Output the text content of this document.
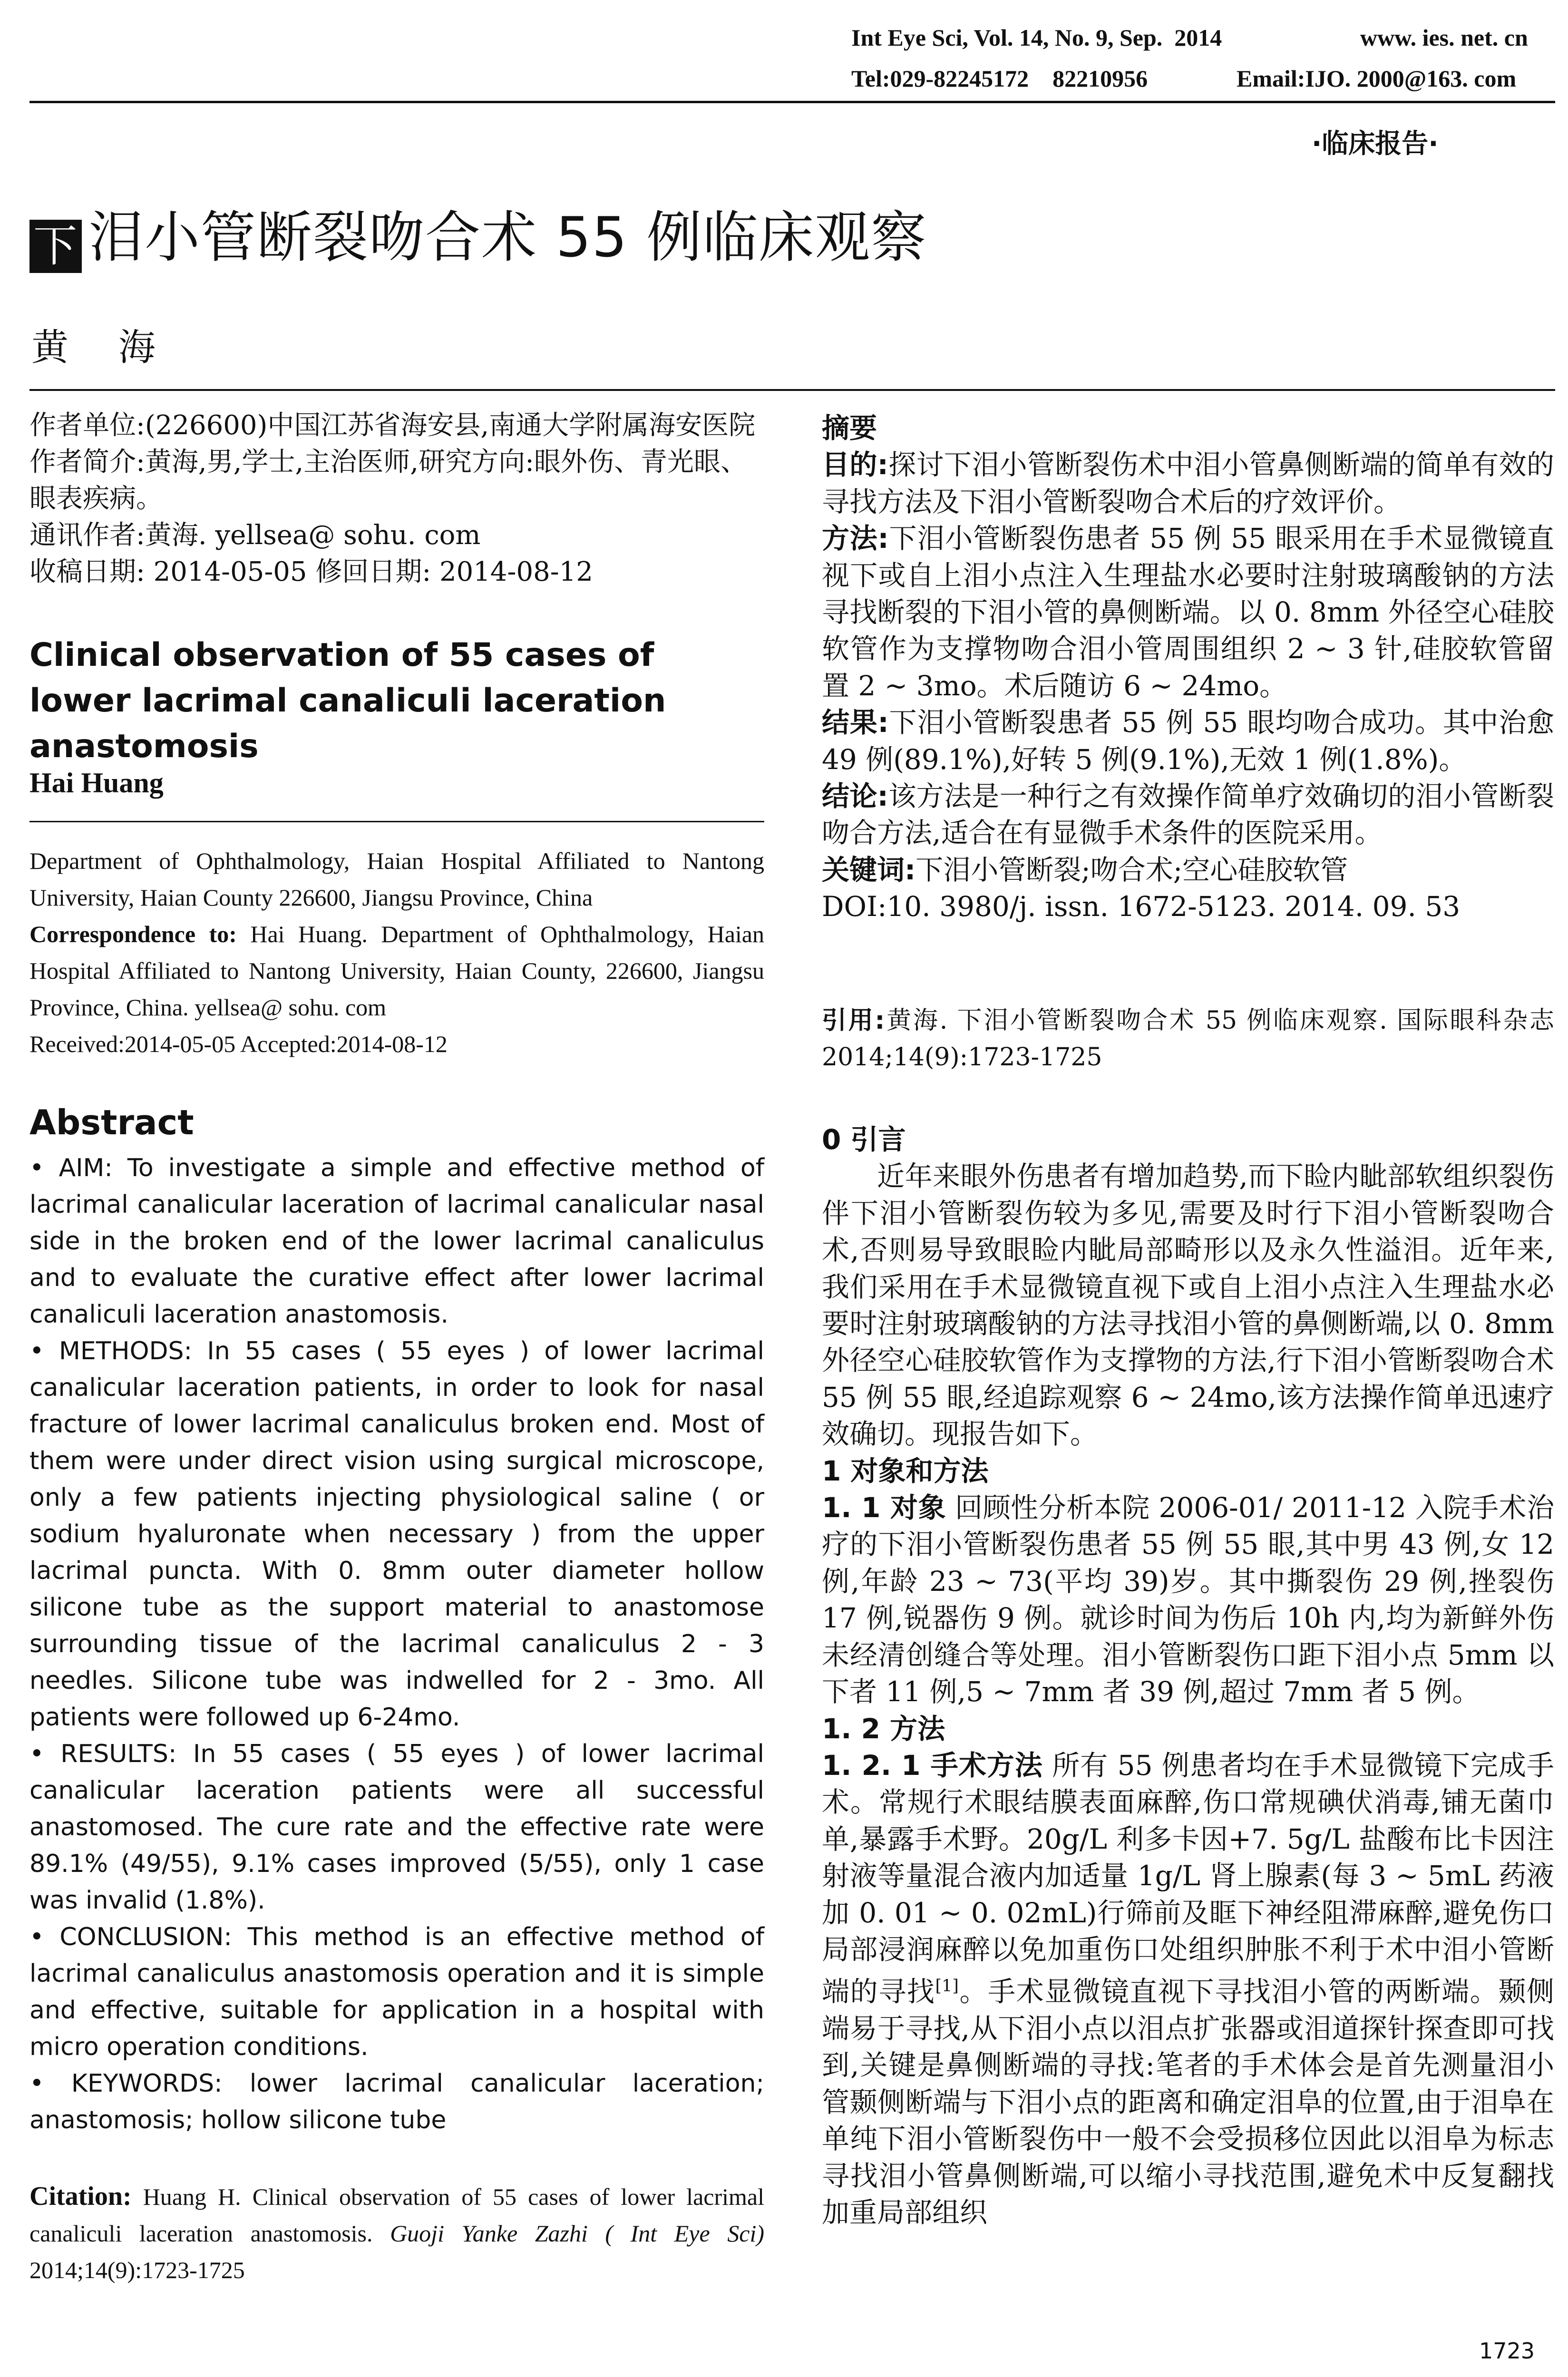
Int Eye Sci, Vol. 14, No. 9, Sep.  2014	www. ies. net. cn
Tel:029-82245172    82210956	Email:IJO. 2000@163. com
·临床报告·
下 泪小管断裂吻合术 55 例临床观察
黄 海

作者单位:(226600)中国江苏省海安县,南通大学附属海安医院

作者简介:黄海,男,学士,主治医师,研究方向:眼外伤、青光眼、眼表疾病。

通讯作者:黄海. yellsea@ sohu. com

收稿日期: 2014-05-05 修回日期: 2014-08-12

Clinical observation of 55 cases of lower lacrimal canaliculi laceration anastomosis
Hai Huang

Department of Ophthalmology, Haian Hospital Affiliated to Nantong University, Haian County 226600, Jiangsu Province, China

Correspondence to: Hai Huang. Department of Ophthalmology, Haian Hospital Affiliated to Nantong University, Haian County, 226600, Jiangsu Province, China. yellsea@ sohu. com

Received:2014-05-05 Accepted:2014-08-12

Abstract

• AIM: To investigate a simple and effective method of lacrimal canalicular laceration of lacrimal canalicular nasal side in the broken end of the lower lacrimal canaliculus and to evaluate the curative effect after lower lacrimal canaliculi laceration anastomosis.

• METHODS: In 55 cases ( 55 eyes ) of lower lacrimal canalicular laceration patients, in order to look for nasal fracture of lower lacrimal canaliculus broken end. Most of them were under direct vision using surgical microscope, only a few patients injecting physiological saline ( or sodium hyaluronate when necessary ) from the upper lacrimal puncta. With 0. 8mm outer diameter hollow silicone tube as the support material to anastomose surrounding tissue of the lacrimal canaliculus 2 - 3 needles. Silicone tube was indwelled for 2 - 3mo. All patients were followed up 6-24mo.

• RESULTS: In 55 cases ( 55 eyes ) of lower lacrimal canalicular laceration patients were all successful anastomosed. The cure rate and the effective rate were 89.1% (49/55), 9.1% cases improved (5/55), only 1 case was invalid (1.8%).

• CONCLUSION: This method is an effective method of lacrimal canaliculus anastomosis operation and it is simple and effective, suitable for application in a hospital with micro operation conditions.

• KEYWORDS: lower lacrimal canalicular laceration; anastomosis; hollow silicone tube

Citation: Huang H. Clinical observation of 55 cases of lower lacrimal canaliculi laceration anastomosis. Guoji Yanke Zazhi ( Int Eye Sci) 2014;14(9):1723-1725

摘要

目的:探讨下泪小管断裂伤术中泪小管鼻侧断端的简单有效的寻找方法及下泪小管断裂吻合术后的疗效评价。

方法:下泪小管断裂伤患者 55 例 55 眼采用在手术显微镜直视下或自上泪小点注入生理盐水必要时注射玻璃酸钠的方法寻找断裂的下泪小管的鼻侧断端。以 0. 8mm 外径空心硅胶软管作为支撑物吻合泪小管周围组织 2 ~ 3 针,硅胶软管留置 2 ~ 3mo。术后随访 6 ~ 24mo。

结果:下泪小管断裂患者 55 例 55 眼均吻合成功。其中治愈 49 例(89.1%),好转 5 例(9.1%),无效 1 例(1.8%)。

结论:该方法是一种行之有效操作简单疗效确切的泪小管断裂吻合方法,适合在有显微手术条件的医院采用。

关键词:下泪小管断裂;吻合术;空心硅胶软管

DOI:10. 3980/j. issn. 1672-5123. 2014. 09. 53

引用:黄海. 下泪小管断裂吻合术 55 例临床观察. 国际眼科杂志 2014;14(9):1723-1725

0 引言

近年来眼外伤患者有增加趋势,而下睑内眦部软组织裂伤伴下泪小管断裂伤较为多见,需要及时行下泪小管断裂吻合术,否则易导致眼睑内眦局部畸形以及永久性溢泪。近年来,我们采用在手术显微镜直视下或自上泪小点注入生理盐水必要时注射玻璃酸钠的方法寻找泪小管的鼻侧断端,以 0. 8mm 外径空心硅胶软管作为支撑物的方法,行下泪小管断裂吻合术 55 例 55 眼,经追踪观察 6 ~ 24mo,该方法操作简单迅速疗效确切。现报告如下。

1 对象和方法

1. 1 对象 回顾性分析本院 2006-01/ 2011-12 入院手术治疗的下泪小管断裂伤患者 55 例 55 眼,其中男 43 例,女 12 例,年龄 23 ~ 73(平均 39)岁。其中撕裂伤 29 例,挫裂伤 17 例,锐器伤 9 例。就诊时间为伤后 10h 内,均为新鲜外伤未经清创缝合等处理。泪小管断裂伤口距下泪小点 5mm 以下者 11 例,5 ~ 7mm 者 39 例,超过 7mm 者 5 例。

1. 2 方法

1. 2. 1 手术方法 所有 55 例患者均在手术显微镜下完成手术。常规行术眼结膜表面麻醉,伤口常规碘伏消毒,铺无菌巾单,暴露手术野。20g/L 利多卡因+7. 5g/L 盐酸布比卡因注射液等量混合液内加适量 1g/L 肾上腺素(每 3 ~ 5mL 药液加 0. 01 ~ 0. 02mL)行筛前及眶下神经阻滞麻醉,避免伤口局部浸润麻醉以免加重伤口处组织肿胀不利于术中泪小管断端的寻找[1]。手术显微镜直视下寻找泪小管的两断端。颞侧端易于寻找,从下泪小点以泪点扩张器或泪道探针探查即可找到,关键是鼻侧断端的寻找:笔者的手术体会是首先测量泪小管颞侧断端与下泪小点的距离和确定泪阜的位置,由于泪阜在单纯下泪小管断裂伤中一般不会受损移位因此以泪阜为标志寻找泪小管鼻侧断端,可以缩小寻找范围,避免术中反复翻找加重局部组织

1723
